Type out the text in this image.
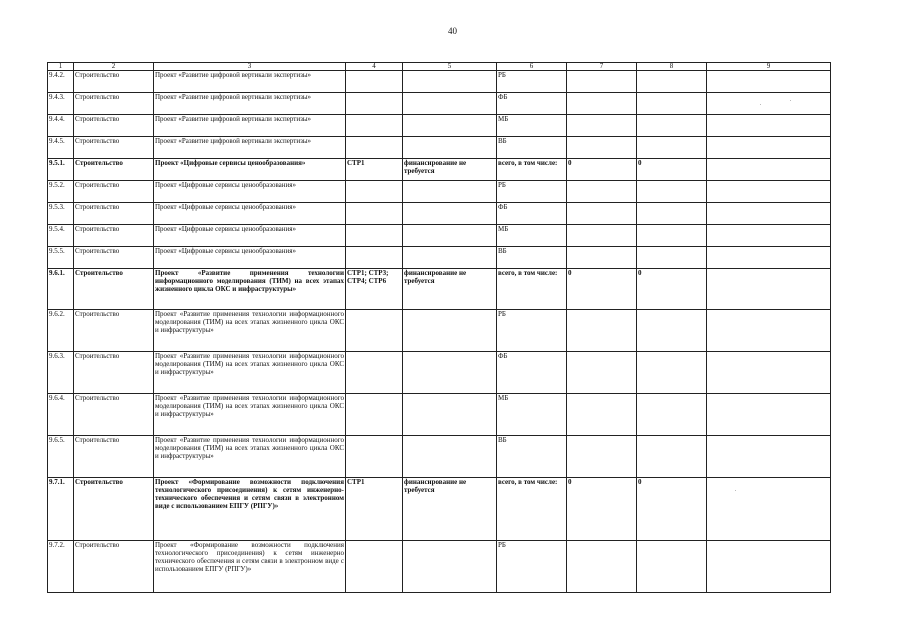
40
1	2	3	4	5	6	7	8	9
9.4.2.	Строительство	Проект «Развитие цифровой вертикали экспертизы»			РБ			
9.4.3.	Строительство	Проект «Развитие цифровой вертикали экспертизы»			ФБ			
9.4.4.	Строительство	Проект «Развитие цифровой вертикали экспертизы»			МБ			
9.4.5.	Строительство	Проект «Развитие цифровой вертикали экспертизы»			ВБ			
9.5.1.	Строительство	Проект «Цифровые сервисы ценообразования»	СТР1	финансирование не требуется	всего, в том числе:	0	0	
9.5.2.	Строительство	Проект «Цифровые сервисы ценообразования»			РБ			
9.5.3.	Строительство	Проект «Цифровые сервисы ценообразования»			ФБ			
9.5.4.	Строительство	Проект «Цифровые сервисы ценообразования»			МБ			
9.5.5.	Строительство	Проект «Цифровые сервисы ценообразования»			ВБ			
9.6.1.	Строительство	Проект «Развитие применения технологии информационного моделирования (ТИМ) на всех этапах жизненного цикла ОКС и инфраструктуры»	СТР1; СТР3; СТР4; СТР6	финансирование не требуется	всего, в том числе:	0	0	
9.6.2.	Строительство	Проект «Развитие применения технологии информационного моделирования (ТИМ) на всех этапах жизненного цикла ОКС и инфраструктуры»			РБ			
9.6.3.	Строительство	Проект «Развитие применения технологии информационного моделирования (ТИМ) на всех этапах жизненного цикла ОКС и инфраструктуры»			ФБ			
9.6.4.	Строительство	Проект «Развитие применения технологии информационного моделирования (ТИМ) на всех этапах жизненного цикла ОКС и инфраструктуры»			МБ			
9.6.5.	Строительство	Проект «Развитие применения технологии информационного моделирования (ТИМ) на всех этапах жизненного цикла ОКС и инфраструктуры»			ВБ			
9.7.1.	Строительство	Проект «Формирование возможности подключения технологического присоединения) к сетям инженерно-технического обеспечения и сетям связи в электронном виде с использованием ЕПГУ (РПГУ)»	СТР1	финансирование не требуется	всего, в том числе:	0	0	
9.7.2.	Строительство	Проект «Формирование возможности подключения технологического присоединения) к сетям инженерно технического обеспечения и сетям связи в электронном виде с использованием ЕПГУ (РПГУ)»			РБ			
